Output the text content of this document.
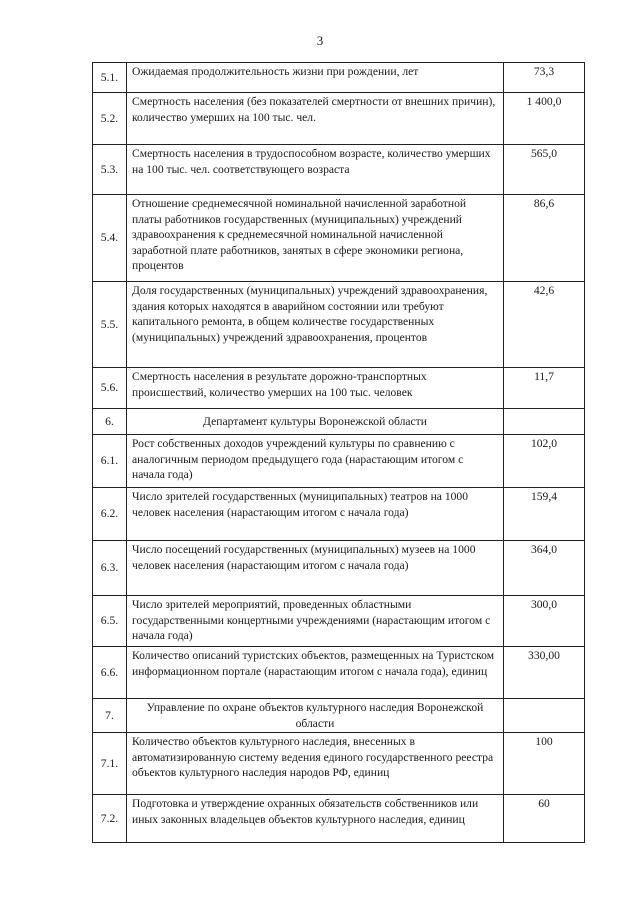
3
5.1.	Ожидаемая продолжительность жизни при рождении, лет	73,3
5.2.	Смертность населения (без показателей смертности от внешних причин), количество умерших на 100 тыс. чел.	1 400,0
5.3.	Смертность населения в трудоспособном возрасте, количество умерших на 100 тыс. чел. соответствующего возраста	565,0
5.4.	Отношение среднемесячной номинальной начисленной заработной платы работников государственных (муниципальных) учреждений здравоохранения к среднемесячной номинальной начисленной заработной плате работников, занятых в сфере экономики региона, процентов	86,6
5.5.	Доля государственных (муниципальных) учреждений здравоохранения, здания которых находятся в аварийном состоянии или требуют капитального ремонта, в общем количестве государственных (муниципальных) учреждений здравоохранения, процентов	42,6
5.6.	Смертность населения в результате дорожно-транспортных происшествий, количество умерших на 100 тыс. человек	11,7
6.	Департамент культуры Воронежской области	
6.1.	Рост собственных доходов учреждений культуры по сравнению с аналогичным периодом предыдущего года (нарастающим итогом с начала года)	102,0
6.2.	Число зрителей государственных (муниципальных) театров на 1000 человек населения (нарастающим итогом с начала года)	159,4
6.3.	Число посещений государственных (муниципальных) музеев на 1000 человек населения (нарастающим итогом с начала года)	364,0
6.5.	Число зрителей мероприятий, проведенных областными государственными концертными учреждениями (нарастающим итогом с начала года)	300,0
6.6.	Количество описаний туристских объектов, размещенных на Туристском информационном портале (нарастающим итогом с начала года), единиц	330,00
7.	Управление по охране объектов культурного наследия Воронежской области	
7.1.	Количество объектов культурного наследия, внесенных в автоматизированную систему ведения единого государственного реестра объектов культурного наследия народов РФ, единиц	100
7.2.	Подготовка и утверждение охранных обязательств собственников или иных законных владельцев объектов культурного наследия, единиц	60
